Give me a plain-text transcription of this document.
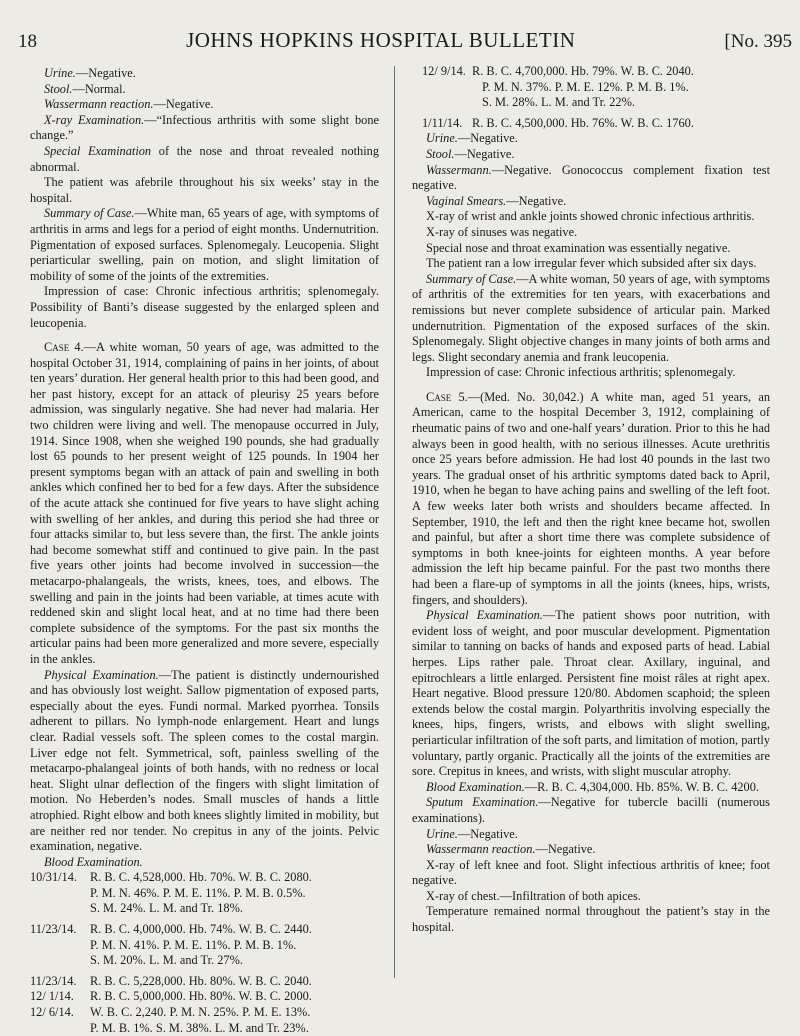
18	JOHNS HOPKINS HOSPITAL BULLETIN	[No. 395

Urine.—Negative.

Stool.—Normal.

Wassermann reaction.—Negative.

X-ray Examination.—“Infectious arthritis with some slight bone change.”

Special Examination of the nose and throat revealed nothing abnormal.

The patient was afebrile throughout his six weeks’ stay in the hospital.

Summary of Case.—White man, 65 years of age, with symptoms of arthritis in arms and legs for a period of eight months. Undernutrition. Pigmentation of exposed surfaces. Splenomegaly. Leucopenia. Slight periarticular swelling, pain on motion, and slight limitation of mobility of some of the joints of the extremities.

Impression of case: Chronic infectious arthritis; splenomegaly. Possibility of Banti’s disease suggested by the enlarged spleen and leucopenia.

Case 4.—A white woman, 50 years of age, was admitted to the hospital October 31, 1914, complaining of pains in her joints, of about ten years’ duration. Her general health prior to this had been good, and her past history, except for an attack of pleurisy 25 years before admission, was singularly negative. She had never had malaria. Her two children were living and well. The menopause occurred in July, 1914. Since 1908, when she weighed 190 pounds, she had gradually lost 65 pounds to her present weight of 125 pounds. In 1904 her present symptoms began with an attack of pain and swelling in both ankles which confined her to bed for a few days. After the subsidence of the acute attack she continued for five years to have slight aching with swelling of her ankles, and during this period she had three or four attacks similar to, but less severe than, the first. The ankle joints had become somewhat stiff and continued to give pain. In the past five years other joints had become involved in succession—the metacarpo-phalangeals, the wrists, knees, toes, and elbows. The swelling and pain in the joints had been variable, at times acute with reddened skin and slight local heat, and at no time had there been complete subsidence of the symptoms. For the past six months the articular pains had been more generalized and more severe, especially in the ankles.

Physical Examination.—The patient is distinctly undernourished and has obviously lost weight. Sallow pigmentation of exposed parts, especially about the eyes. Fundi normal. Marked pyorrhea. Tonsils adherent to pillars. No lymph-node enlargement. Heart and lungs clear. Radial vessels soft. The spleen comes to the costal margin. Liver edge not felt. Symmetrical, soft, painless swelling of the metacarpo-phalangeal joints of both hands, with no redness or local heat. Slight ulnar deflection of the fingers with slight limitation of motion. No Heberden’s nodes. Small muscles of hands a little atrophied. Right elbow and both knees slightly limited in mobility, but are neither red nor tender. No crepitus in any of the joints. Pelvic examination, negative.

Blood Examination.

10/31/14.	R. B. C. 4,528,000. Hb. 70%. W. B. C. 2080.
P. M. N. 46%. P. M. E. 11%. P. M. B. 0.5%.
S. M. 24%. L. M. and Tr. 18%.
11/23/14.	R. B. C. 4,000,000. Hb. 74%. W. B. C. 2440.
P. M. N. 41%. P. M. E. 11%. P. M. B. 1%.
S. M. 20%. L. M. and Tr. 27%.
11/23/14.	R. B. C. 5,228,000. Hb. 80%. W. B. C. 2040.
12/ 1/14.	R. B. C. 5,000,000. Hb. 80%. W. B. C. 2000.
12/ 6/14.	W. B. C. 2,240. P. M. N. 25%. P. M. E. 13%.
P. M. B. 1%. S. M. 38%. L. M. and Tr. 23%.
12/ 9/14. R. B. C. 4,700,000. Hb. 79%. W. B. C. 2040.
P. M. N. 37%. P. M. E. 12%. P. M. B. 1%.
S. M. 28%. L. M. and Tr. 22%.
1/11/14. R. B. C. 4,500,000. Hb. 76%. W. B. C. 1760.

Urine.—Negative.

Stool.—Negative.

Wassermann.—Negative. Gonococcus complement fixation test negative.

Vaginal Smears.—Negative.

X-ray of wrist and ankle joints showed chronic infectious arthritis.

X-ray of sinuses was negative.

Special nose and throat examination was essentially negative.

The patient ran a low irregular fever which subsided after six days.

Summary of Case.—A white woman, 50 years of age, with symptoms of arthritis of the extremities for ten years, with exacerbations and remissions but never complete subsidence of articular pain. Marked undernutrition. Pigmentation of the exposed surfaces of the skin. Splenomegaly. Slight objective changes in many joints of both arms and legs. Slight secondary anemia and frank leucopenia.

Impression of case: Chronic infectious arthritis; splenomegaly.

Case 5.—(Med. No. 30,042.) A white man, aged 51 years, an American, came to the hospital December 3, 1912, complaining of rheumatic pains of two and one-half years’ duration. Prior to this he had always been in good health, with no serious illnesses. Acute urethritis once 25 years before admission. He had lost 40 pounds in the last two years. The gradual onset of his arthritic symptoms dated back to April, 1910, when he began to have aching pains and swelling of the left foot. A few weeks later both wrists and shoulders became affected. In September, 1910, the left and then the right knee became hot, swollen and painful, but after a short time there was complete subsidence of symptoms in both knee-joints for eighteen months. A year before admission the left hip became painful. For the past two months there had been a flare-up of symptoms in all the joints (knees, hips, wrists, fingers, and shoulders).

Physical Examination.—The patient shows poor nutrition, with evident loss of weight, and poor muscular development. Pigmentation similar to tanning on backs of hands and exposed parts of head. Labial herpes. Lips rather pale. Throat clear. Axillary, inguinal, and epitrochlears a little enlarged. Persistent fine moist râles at right apex. Heart negative. Blood pressure 120/80. Abdomen scaphoid; the spleen extends below the costal margin. Polyarthritis involving especially the knees, hips, fingers, wrists, and elbows with slight swelling, periarticular infiltration of the soft parts, and limitation of motion, partly voluntary, partly organic. Practically all the joints of the extremities are sore. Crepitus in knees, and wrists, with slight muscular atrophy.

Blood Examination.—R. B. C. 4,304,000. Hb. 85%. W. B. C. 4200.

Sputum Examination.—Negative for tubercle bacilli (numerous examinations).

Urine.—Negative.

Wassermann reaction.—Negative.

X-ray of left knee and foot. Slight infectious arthritis of knee; foot negative.

X-ray of chest.—Infiltration of both apices.

Temperature remained normal throughout the patient’s stay in the hospital.
